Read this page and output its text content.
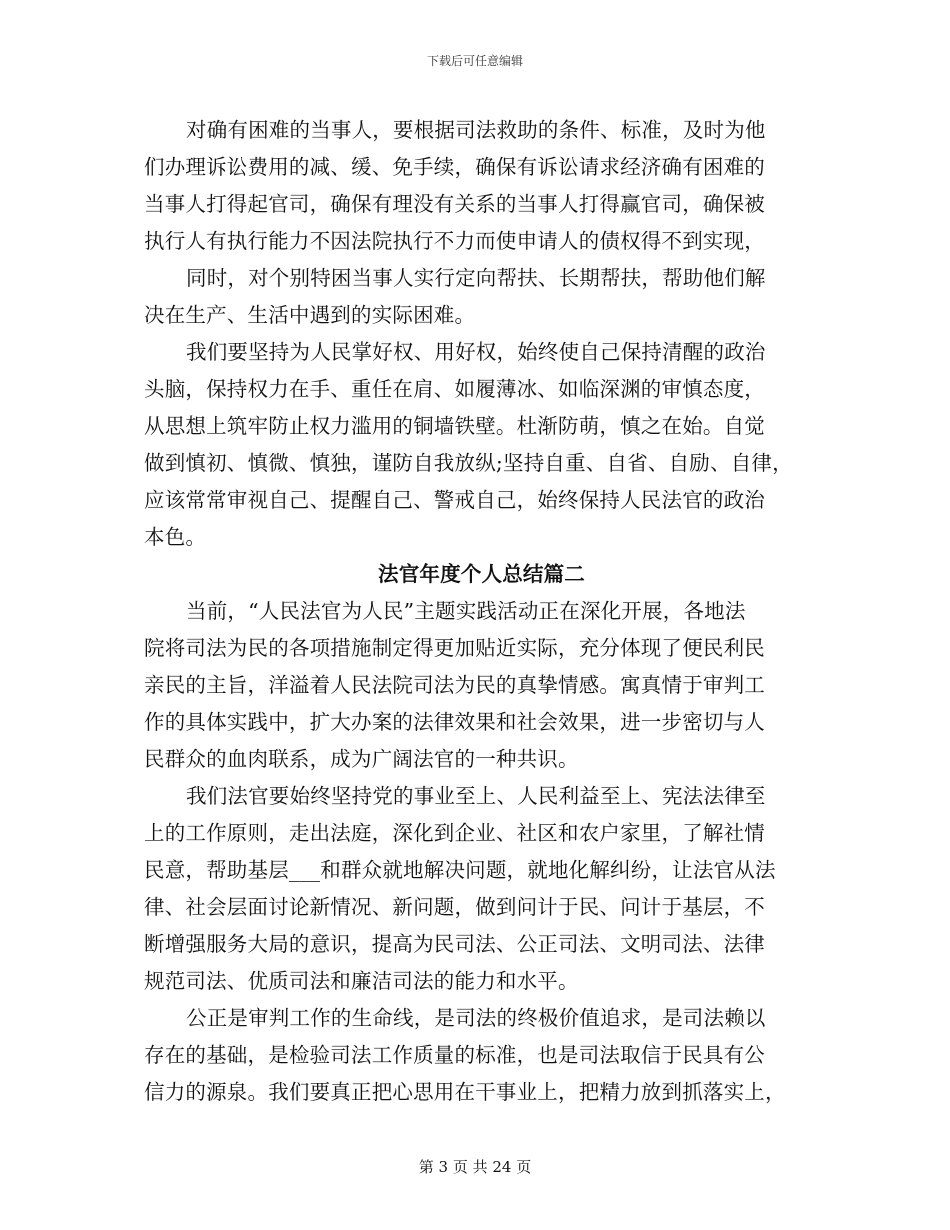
下载后可任意编辑
对确有困难的当事人，要根据司法救助的条件、标准，及时为他
们办理诉讼费用的减、缓、免手续，确保有诉讼请求经济确有困难的
当事人打得起官司，确保有理没有关系的当事人打得赢官司，确保被
执行人有执行能力不因法院执行不力而使申请人的债权得不到实现，
同时，对个别特困当事人实行定向帮扶、长期帮扶，帮助他们解
决在生产、生活中遇到的实际困难。
我们要坚持为人民掌好权、用好权，始终使自己保持清醒的政治
头脑，保持权力在手、重任在肩、如履薄冰、如临深渊的审慎态度，
从思想上筑牢防止权力滥用的铜墙铁壁。杜渐防萌，慎之在始。自觉
做到慎初、慎微、慎独，谨防自我放纵;坚持自重、自省、自励、自律，
应该常常审视自己、提醒自己、警戒自己，始终保持人民法官的政治
本色。
法官年度个人总结篇二
当前，“人民法官为人民”主题实践活动正在深化开展，各地法
院将司法为民的各项措施制定得更加贴近实际，充分体现了便民利民
亲民的主旨，洋溢着人民法院司法为民的真挚情感。寓真情于审判工
作的具体实践中，扩大办案的法律效果和社会效果，进一步密切与人
民群众的血肉联系，成为广阔法官的一种共识。
我们法官要始终坚持党的事业至上、人民利益至上、宪法法律至
上的工作原则，走出法庭，深化到企业、社区和农户家里，了解社情
民意，帮助基层___和群众就地解决问题，就地化解纠纷，让法官从法
律、社会层面讨论新情况、新问题，做到问计于民、问计于基层，不
断增强服务大局的意识，提高为民司法、公正司法、文明司法、法律
规范司法、优质司法和廉洁司法的能力和水平。
公正是审判工作的生命线，是司法的终极价值追求，是司法赖以
存在的基础，是检验司法工作质量的标准，也是司法取信于民具有公
信力的源泉。我们要真正把心思用在干事业上，把精力放到抓落实上，
第 3 页 共 24 页
